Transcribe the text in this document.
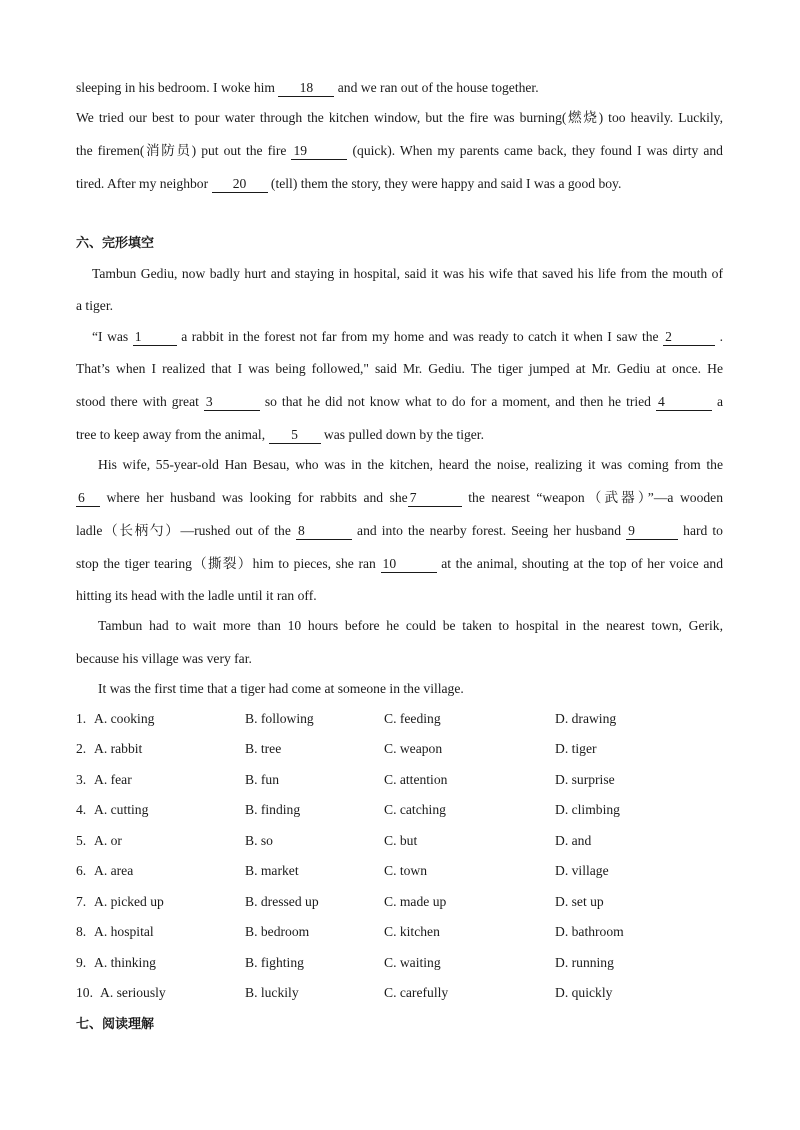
sleeping in his bedroom. I woke him 18 and we ran out of the house together.
We tried our best to pour water through the kitchen window, but the fire was burning(燃烧) too heavily. Luckily,
the firemen(消防员) put out the fire 19	(quick). When my parents came back, they found I was dirty and
tired. After my neighbor 20 (tell) them the story, they were happy and said I was a good boy.
六、完形填空
Tambun Gediu, now badly hurt and staying in hospital, said it was his wife that saved his life from the mouth of
a tiger.
“I was 1	a rabbit in the forest not far from my home and was ready to catch it when I saw the 2	.
That’s when I realized that I was being followed," said Mr. Gediu. The tiger jumped at Mr. Gediu at once. He
stood there with great 3	so that he did not know what to do for a moment, and then he tried 4	a
tree to keep away from the animal, 5 was pulled down by the tiger.
His wife, 55-year-old Han Besau, who was in the kitchen, heard the noise, realizing it was coming from the
6 where her husband was looking for rabbits and she 7	the nearest “weapon（武器）”—a wooden
ladle（长柄勺）—rushed out of the 8	and into the nearby forest. Seeing her husband 9	hard to
stop the tiger tearing（撕裂）him to pieces, she ran 10	at the animal, shouting at the top of her voice and
hitting its head with the ladle until it ran off.
Tambun had to wait more than 10 hours before he could be taken to hospital in the nearest town, Gerik,
because his village was very far.
It was the first time that a tiger had come at someone in the village.
1. A. cooking	B. following	C. feeding	D. drawing
2. A. rabbit	B. tree	C. weapon	D. tiger
3. A. fear	B. fun	C. attention	D. surprise
4. A. cutting	B. finding	C. catching	D. climbing
5. A. or	B. so	C. but	D. and
6. A. area	B. market	C. town	D. village
7. A. picked up	B. dressed up	C. made up	D. set up
8. A. hospital	B. bedroom	C. kitchen	D. bathroom
9. A. thinking	B. fighting	C. waiting	D. running
10. A. seriously	B. luckily	C. carefully	D. quickly
七、阅读理解
